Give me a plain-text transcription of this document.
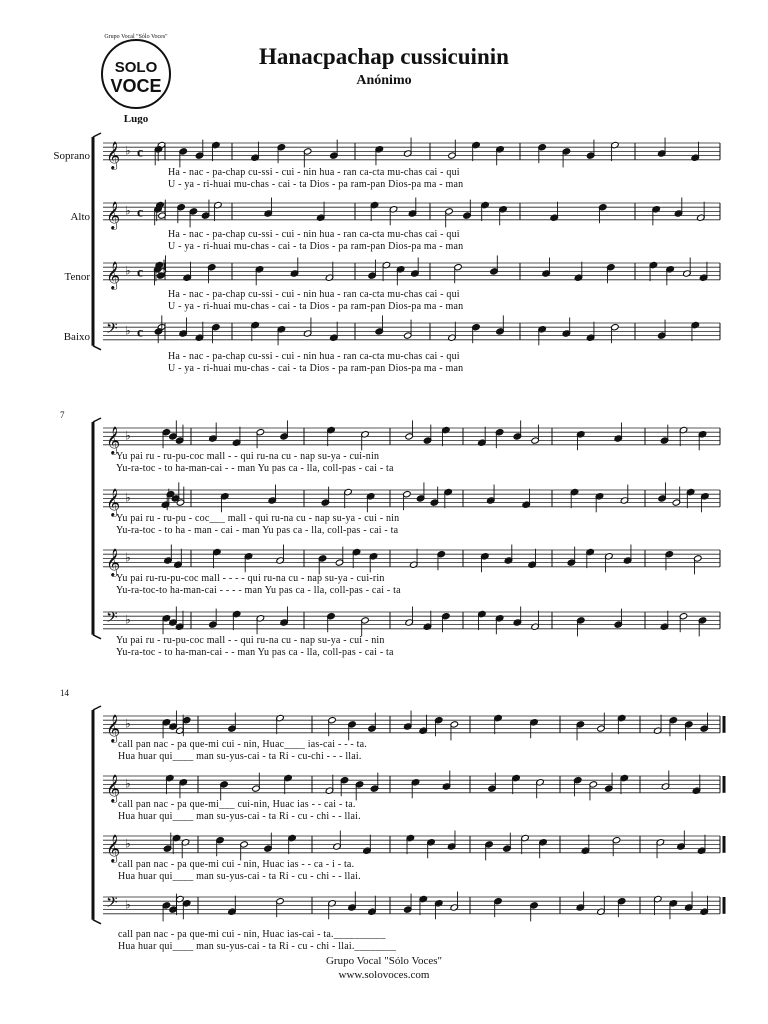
SOLO
VOCE
Grupo Vocal "Sólo Voces"
Lugo
Hanacpachap cussicuinin
Anónimo
Soprano
Alto
Tenor
Baixo
7
14
𝄞 ♭ c
𝄞 ♭ c
𝄞 ♭ c
𝄢 ♭ c
𝄞 ♭
𝄞 ♭
𝄞 ♭
𝄢 ♭
𝄞 ♭
𝄞 ♭
𝄞 ♭
𝄢 ♭
Ha - nac - pa-chap cu-ssi - cui - nin hua - ran ca-cta mu-chas cai - qui
U - ya - ri-huai mu-chas - cai - ta Dios - pa ram-pan Dios-pa ma - man
Ha - nac - pa-chap cu-ssi - cui - nin hua - ran ca-cta mu-chas cai - qui
U - ya - ri-huai mu-chas - cai - ta Dios - pa ram-pan Dios-pa ma - man
Ha - nac - pa-chap cu-ssi - cui - nin hua - ran ca-cta mu-chas cai - qui
U - ya - ri-huai mu-chas - cai - ta Dios - pa ram-pan Dios-pa ma - man
Ha - nac - pa-chap cu-ssi - cui - nin hua - ran ca-cta mu-chas cai - qui
U - ya - ri-huai mu-chas - cai - ta Dios - pa ram-pan Dios-pa ma - man
Yu pai ru - ru-pu-coc mall - - qui ru-na cu - nap su-ya - cui-nin
Yu-ra-toc - to ha-man-cai - - man Yu pas ca - lla, coll-pas - cai - ta
Yu pai ru - ru-pu - coc___ mall - qui ru-na cu - nap su-ya - cui - nin
Yu-ra-toc - to ha - man - cai - man Yu pas ca - lla, coll-pas - cai - ta
Yu pai ru-ru-pu-coc mall - - - - qui ru-na cu - nap su-ya - cui-rin
Yu-ra-toc-to ha-man-cai - - - - man Yu pas ca - lla, coll-pas - cai - ta
Yu pai ru - ru-pu-coc mall - - qui ru-na cu - nap su-ya - cui - nin
Yu-ra-toc - to ha-man-cai - - man Yu pas ca - lla, coll-pas - cai - ta
call pan nac - pa que-mi cui - nin, Huac____ ias-cai - - - ta.
Hua huar qui____ man su-yus-cai - ta Ri - cu-chi - - - llai.
call pan nac - pa que-mi___ cui-nin, Huac ias - - cai - ta.
Hua huar qui____ man su-yus-cai - ta Ri - cu - chi - - llai.
call pan nac - pa que-mi cui - nin, Huac ias - - ca - i - ta.
Hua huar qui____ man su-yus-cai - ta Ri - cu - chi - - llai.
call pan nac - pa que-mi cui - nin, Huac ias-cai - ta.__________
Hua huar qui____ man su-yus-cai - ta Ri - cu - chi - llai.________
Grupo Vocal "Sólo Voces"
www.solovoces.com
